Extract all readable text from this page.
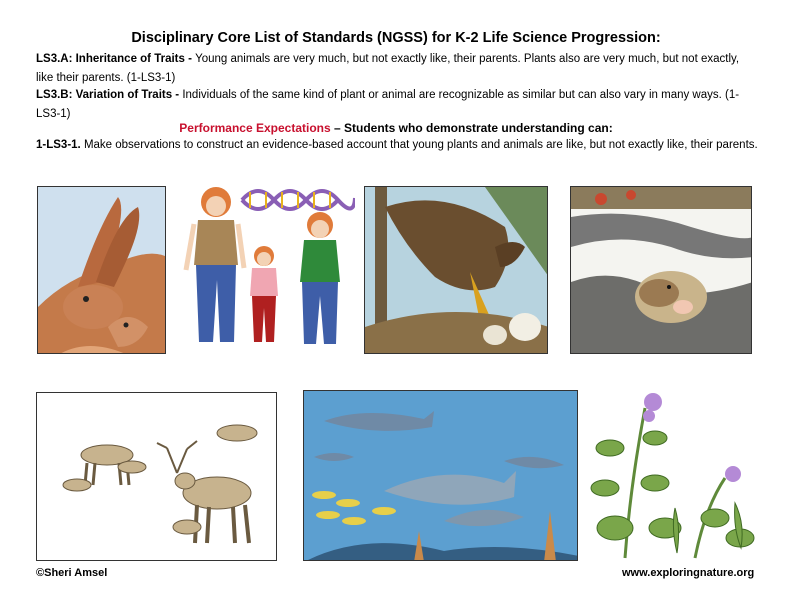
Disciplinary Core List of Standards (NGSS) for K-2 Life Science Progression:
LS3.A: Inheritance of Traits - Young animals are very much, but not exactly like, their parents. Plants also are very much, but not exactly, like their parents. (1-LS3-1)
LS3.B: Variation of Traits - Individuals of the same kind of plant or animal are recognizable as similar but can also vary in many ways. (1-LS3-1)
Performance Expectations – Students who demonstrate understanding can:
1-LS3-1. Make observations to construct an evidence-based account that young plants and animals are like, but not exactly like, their parents.
©Sheri Amsel	www.exploringnature.org
